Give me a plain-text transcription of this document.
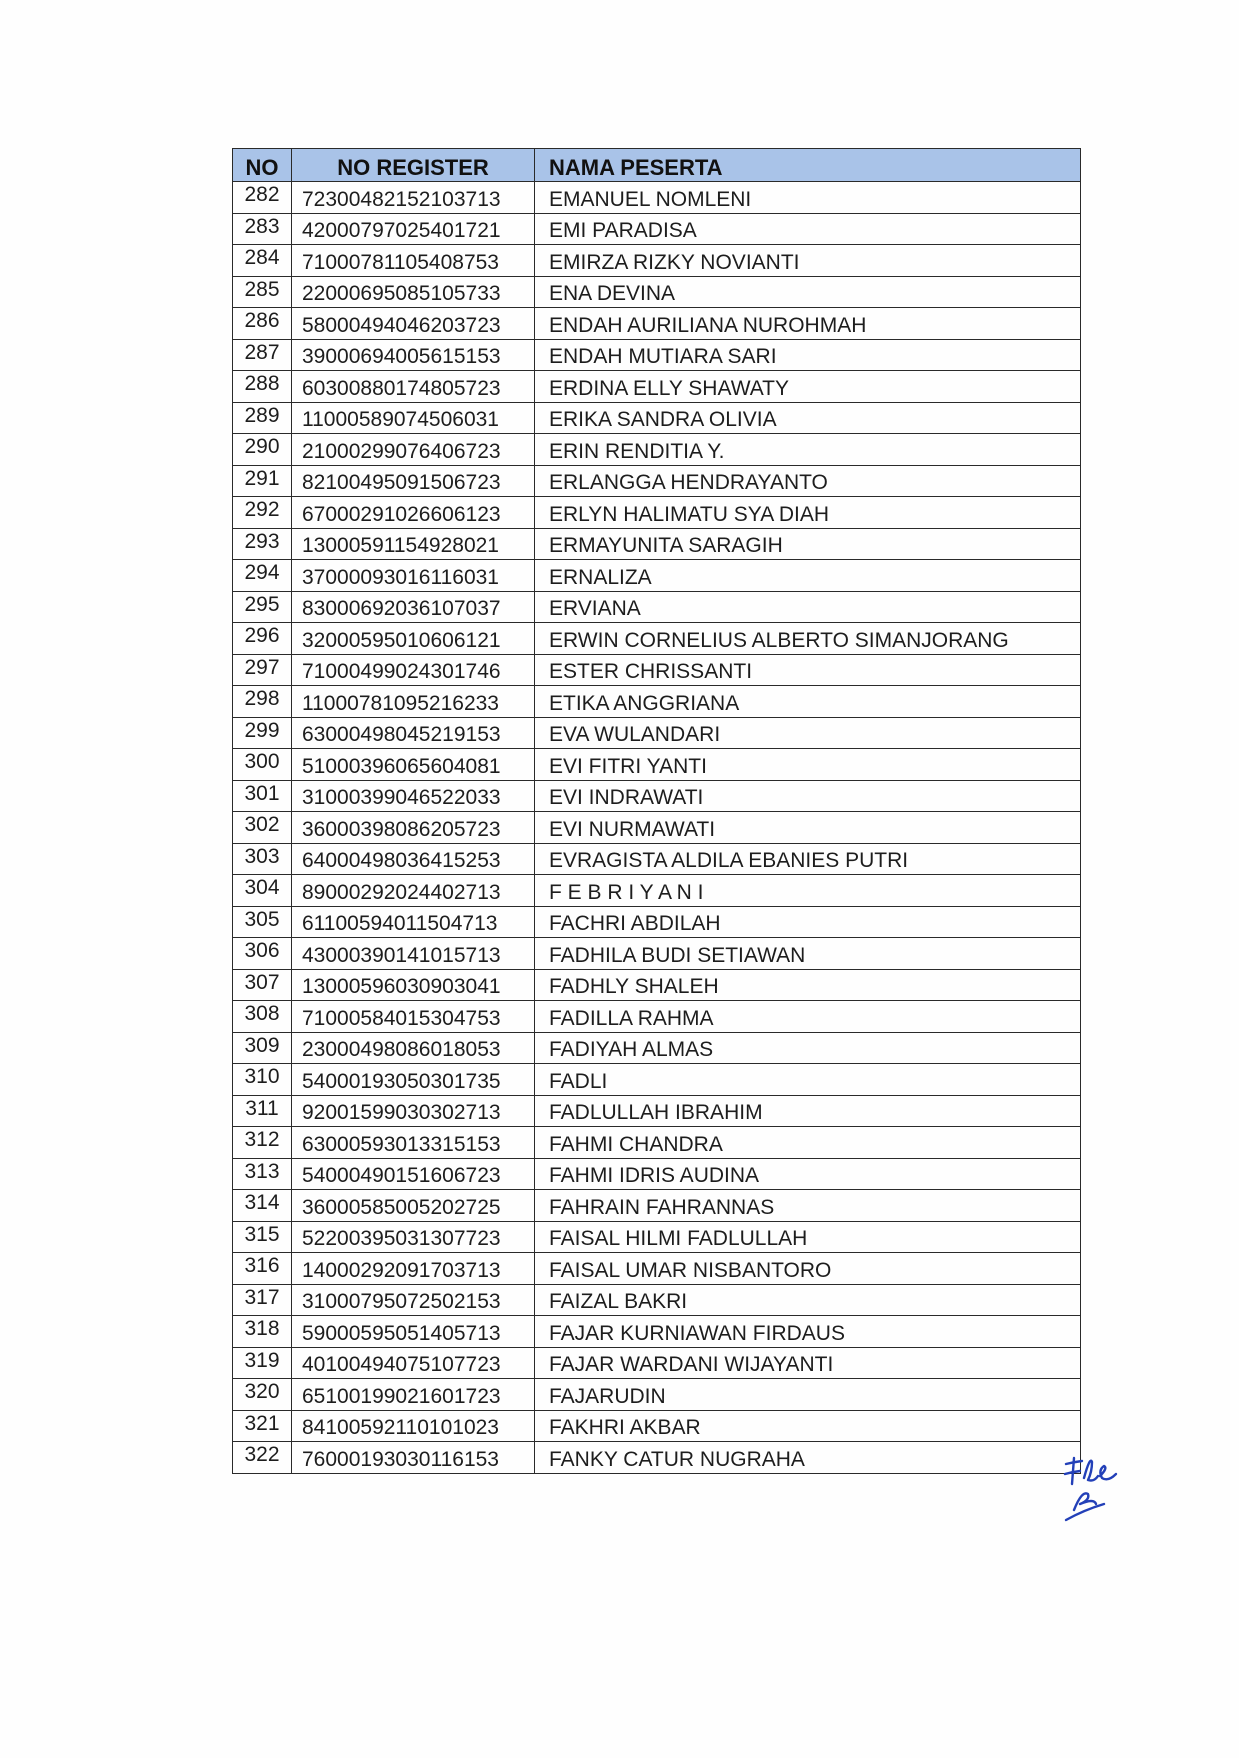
NO	NO REGISTER	NAMA PESERTA
282	72300482152103713	EMANUEL NOMLENI
283	42000797025401721	EMI PARADISA
284	71000781105408753	EMIRZA RIZKY NOVIANTI
285	22000695085105733	ENA DEVINA
286	58000494046203723	ENDAH AURILIANA NUROHMAH
287	39000694005615153	ENDAH MUTIARA SARI
288	60300880174805723	ERDINA ELLY SHAWATY
289	11000589074506031	ERIKA SANDRA OLIVIA
290	21000299076406723	ERIN RENDITIA Y.
291	82100495091506723	ERLANGGA HENDRAYANTO
292	67000291026606123	ERLYN HALIMATU SYA DIAH
293	13000591154928021	ERMAYUNITA SARAGIH
294	37000093016116031	ERNALIZA
295	83000692036107037	ERVIANA
296	32000595010606121	ERWIN CORNELIUS ALBERTO SIMANJORANG
297	71000499024301746	ESTER CHRISSANTI
298	11000781095216233	ETIKA ANGGRIANA
299	63000498045219153	EVA WULANDARI
300	51000396065604081	EVI FITRI YANTI
301	31000399046522033	EVI INDRAWATI
302	36000398086205723	EVI NURMAWATI
303	64000498036415253	EVRAGISTA ALDILA EBANIES PUTRI
304	89000292024402713	F E B R I Y A N I
305	61100594011504713	FACHRI ABDILAH
306	43000390141015713	FADHILA BUDI SETIAWAN
307	13000596030903041	FADHLY SHALEH
308	71000584015304753	FADILLA RAHMA
309	23000498086018053	FADIYAH ALMAS
310	54000193050301735	FADLI
311	92001599030302713	FADLULLAH IBRAHIM
312	63000593013315153	FAHMI CHANDRA
313	54000490151606723	FAHMI IDRIS AUDINA
314	36000585005202725	FAHRAIN FAHRANNAS
315	52200395031307723	FAISAL HILMI FADLULLAH
316	14000292091703713	FAISAL UMAR NISBANTORO
317	31000795072502153	FAIZAL BAKRI
318	59000595051405713	FAJAR KURNIAWAN FIRDAUS
319	40100494075107723	FAJAR WARDANI WIJAYANTI
320	65100199021601723	FAJARUDIN
321	84100592110101023	FAKHRI AKBAR
322	76000193030116153	FANKY CATUR NUGRAHA
